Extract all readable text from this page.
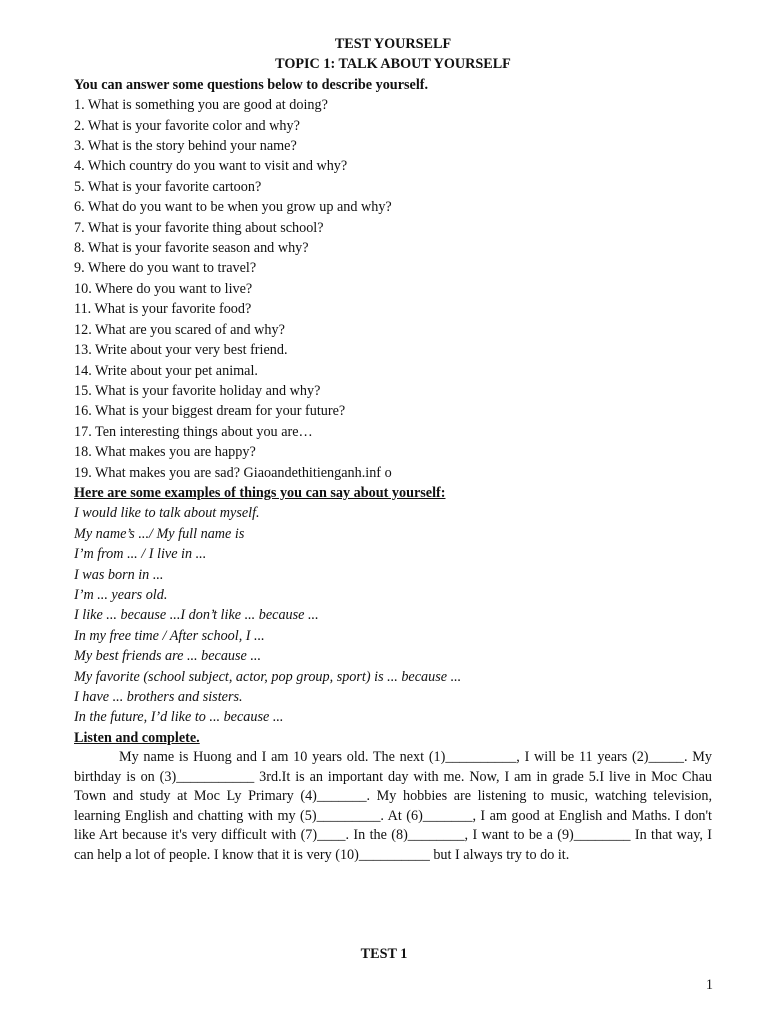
TEST YOURSELF

TOPIC 1: TALK ABOUT YOURSELF

You can answer some questions below to describe yourself.

1. What is something you are good at doing?
2. What is your favorite color and why?
3. What is the story behind your name?
4. Which country do you want to visit and why?
5. What is your favorite cartoon?
6. What do you want to be when you grow up and why?
7. What is your favorite thing about school?
8. What is your favorite season and why?
9. Where do you want to travel?
10. Where do you want to live?
11. What is your favorite food?
12. What are you scared of and why?
13. Write about your very best friend.
14. Write about your pet animal.
15. What is your favorite holiday and why?
16. What is your biggest dream for your future?
17. Ten interesting things about you are…
18. What makes you are happy?
19. What makes you are sad? Giaoandethitienganh.inf o

Here are some examples of things you can say about yourself:

I would like to talk about myself.
My name’s .../ My full name is
I’m from ... / I live in ...
I was born in ...
I’m ... years old.
I like ... because ...I don’t like ... because ...
In my free time / After school, I ...
My best friends are ... because ...
My favorite (school subject, actor, pop group, sport) is ... because ...
I have ... brothers and sisters.
In the future, I’d like to ... because ...

Listen and complete.

My name is Huong and I am 10 years old. The next (1)__________, I will be 11 years (2)_____. My birthday is on (3)___________ 3rd.It is an important day with me. Now, I am in grade 5.I live in Moc Chau Town and study at Moc Ly Primary (4)_______. My hobbies are listening to music, watching television, learning English and chatting with my (5)_________. At (6)_______, I am good at English and Maths. I don't like Art because it's very difficult with (7)____. In the (8)________, I want to be a (9)________ In that way, I can help a lot of people. I know that it is very (10)__________ but I always try to do it.

TEST 1
1
